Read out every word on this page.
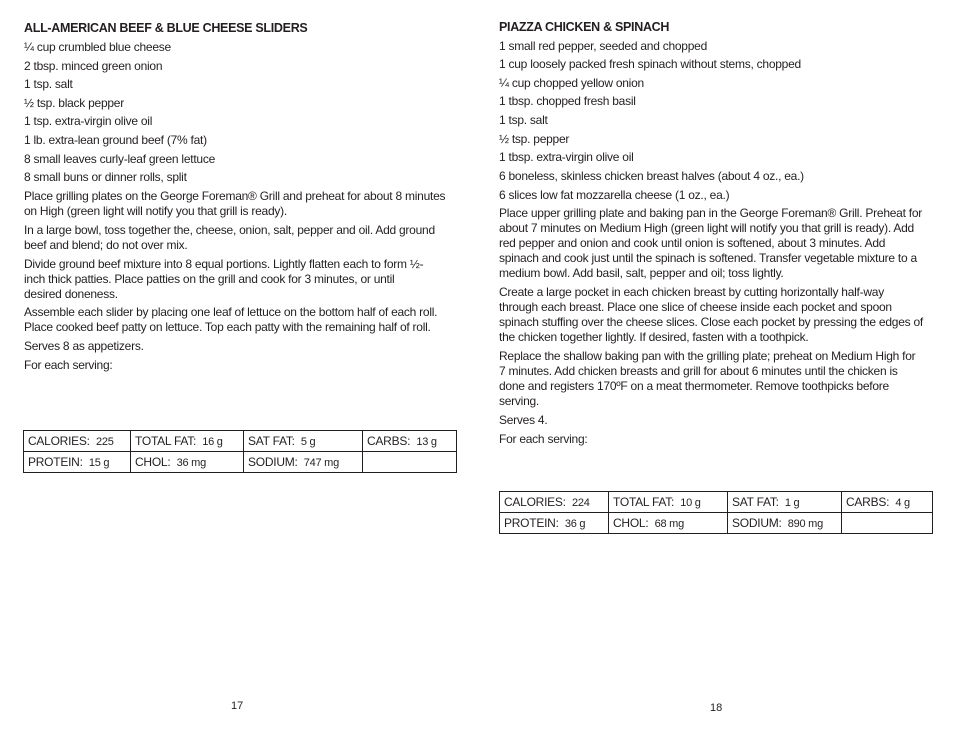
ALL-AMERICAN BEEF & BLUE CHEESE SLIDERS
¼ cup crumbled blue cheese
2 tbsp. minced green onion
1 tsp. salt
½ tsp. black pepper
1 tsp. extra-virgin olive oil
1 lb. extra-lean ground beef (7% fat)
8 small leaves curly-leaf green lettuce
8 small buns or dinner rolls, split
Place grilling plates on the George Foreman® Grill and preheat for about 8 minutes on High (green light will notify you that grill is ready).
In a large bowl, toss together the, cheese, onion, salt, pepper and oil. Add ground beef and blend; do not over mix.
Divide ground beef mixture into 8 equal portions. Lightly flatten each to form ½-inch thick patties. Place patties on the grill and cook for 3 minutes, or until desired doneness.
Assemble each slider by placing one leaf of lettuce on the bottom half of each roll. Place cooked beef patty on lettuce. Top each patty with the remaining half of roll.
Serves 8 as appetizers.
For each serving:
CALORIES: 225	TOTAL FAT: 16 g	SAT FAT: 5 g	CARBS: 13 g
PROTEIN: 15 g	CHOL: 36 mg	SODIUM: 747 mg	
17
PIAZZA CHICKEN & SPINACH
1 small red pepper, seeded and chopped
1 cup loosely packed fresh spinach without stems, chopped
¼ cup chopped yellow onion
1 tbsp. chopped fresh basil
1 tsp. salt
½ tsp. pepper
1 tbsp. extra-virgin olive oil
6 boneless, skinless chicken breast halves (about 4 oz., ea.)
6 slices low fat mozzarella cheese (1 oz., ea.)
Place upper grilling plate and baking pan in the George Foreman® Grill. Preheat for about 7 minutes on Medium High (green light will notify you that grill is ready). Add red pepper and onion and cook until onion is softened, about 3 minutes. Add spinach and cook just until the spinach is softened. Transfer vegetable mixture to a medium bowl. Add basil, salt, pepper and oil; toss lightly.
Create a large pocket in each chicken breast by cutting horizontally half-way through each breast. Place one slice of cheese inside each pocket and spoon spinach stuffing over the cheese slices. Close each pocket by pressing the edges of the chicken together lightly. If desired, fasten with a toothpick.
Replace the shallow baking pan with the grilling plate; preheat on Medium High for 7 minutes. Add chicken breasts and grill for about 6 minutes until the chicken is done and registers 170ºF on a meat thermometer. Remove toothpicks before serving.
Serves 4.
For each serving:
CALORIES: 224	TOTAL FAT: 10 g	SAT FAT: 1 g	CARBS: 4 g
PROTEIN: 36 g	CHOL: 68 mg	SODIUM: 890 mg	
18
